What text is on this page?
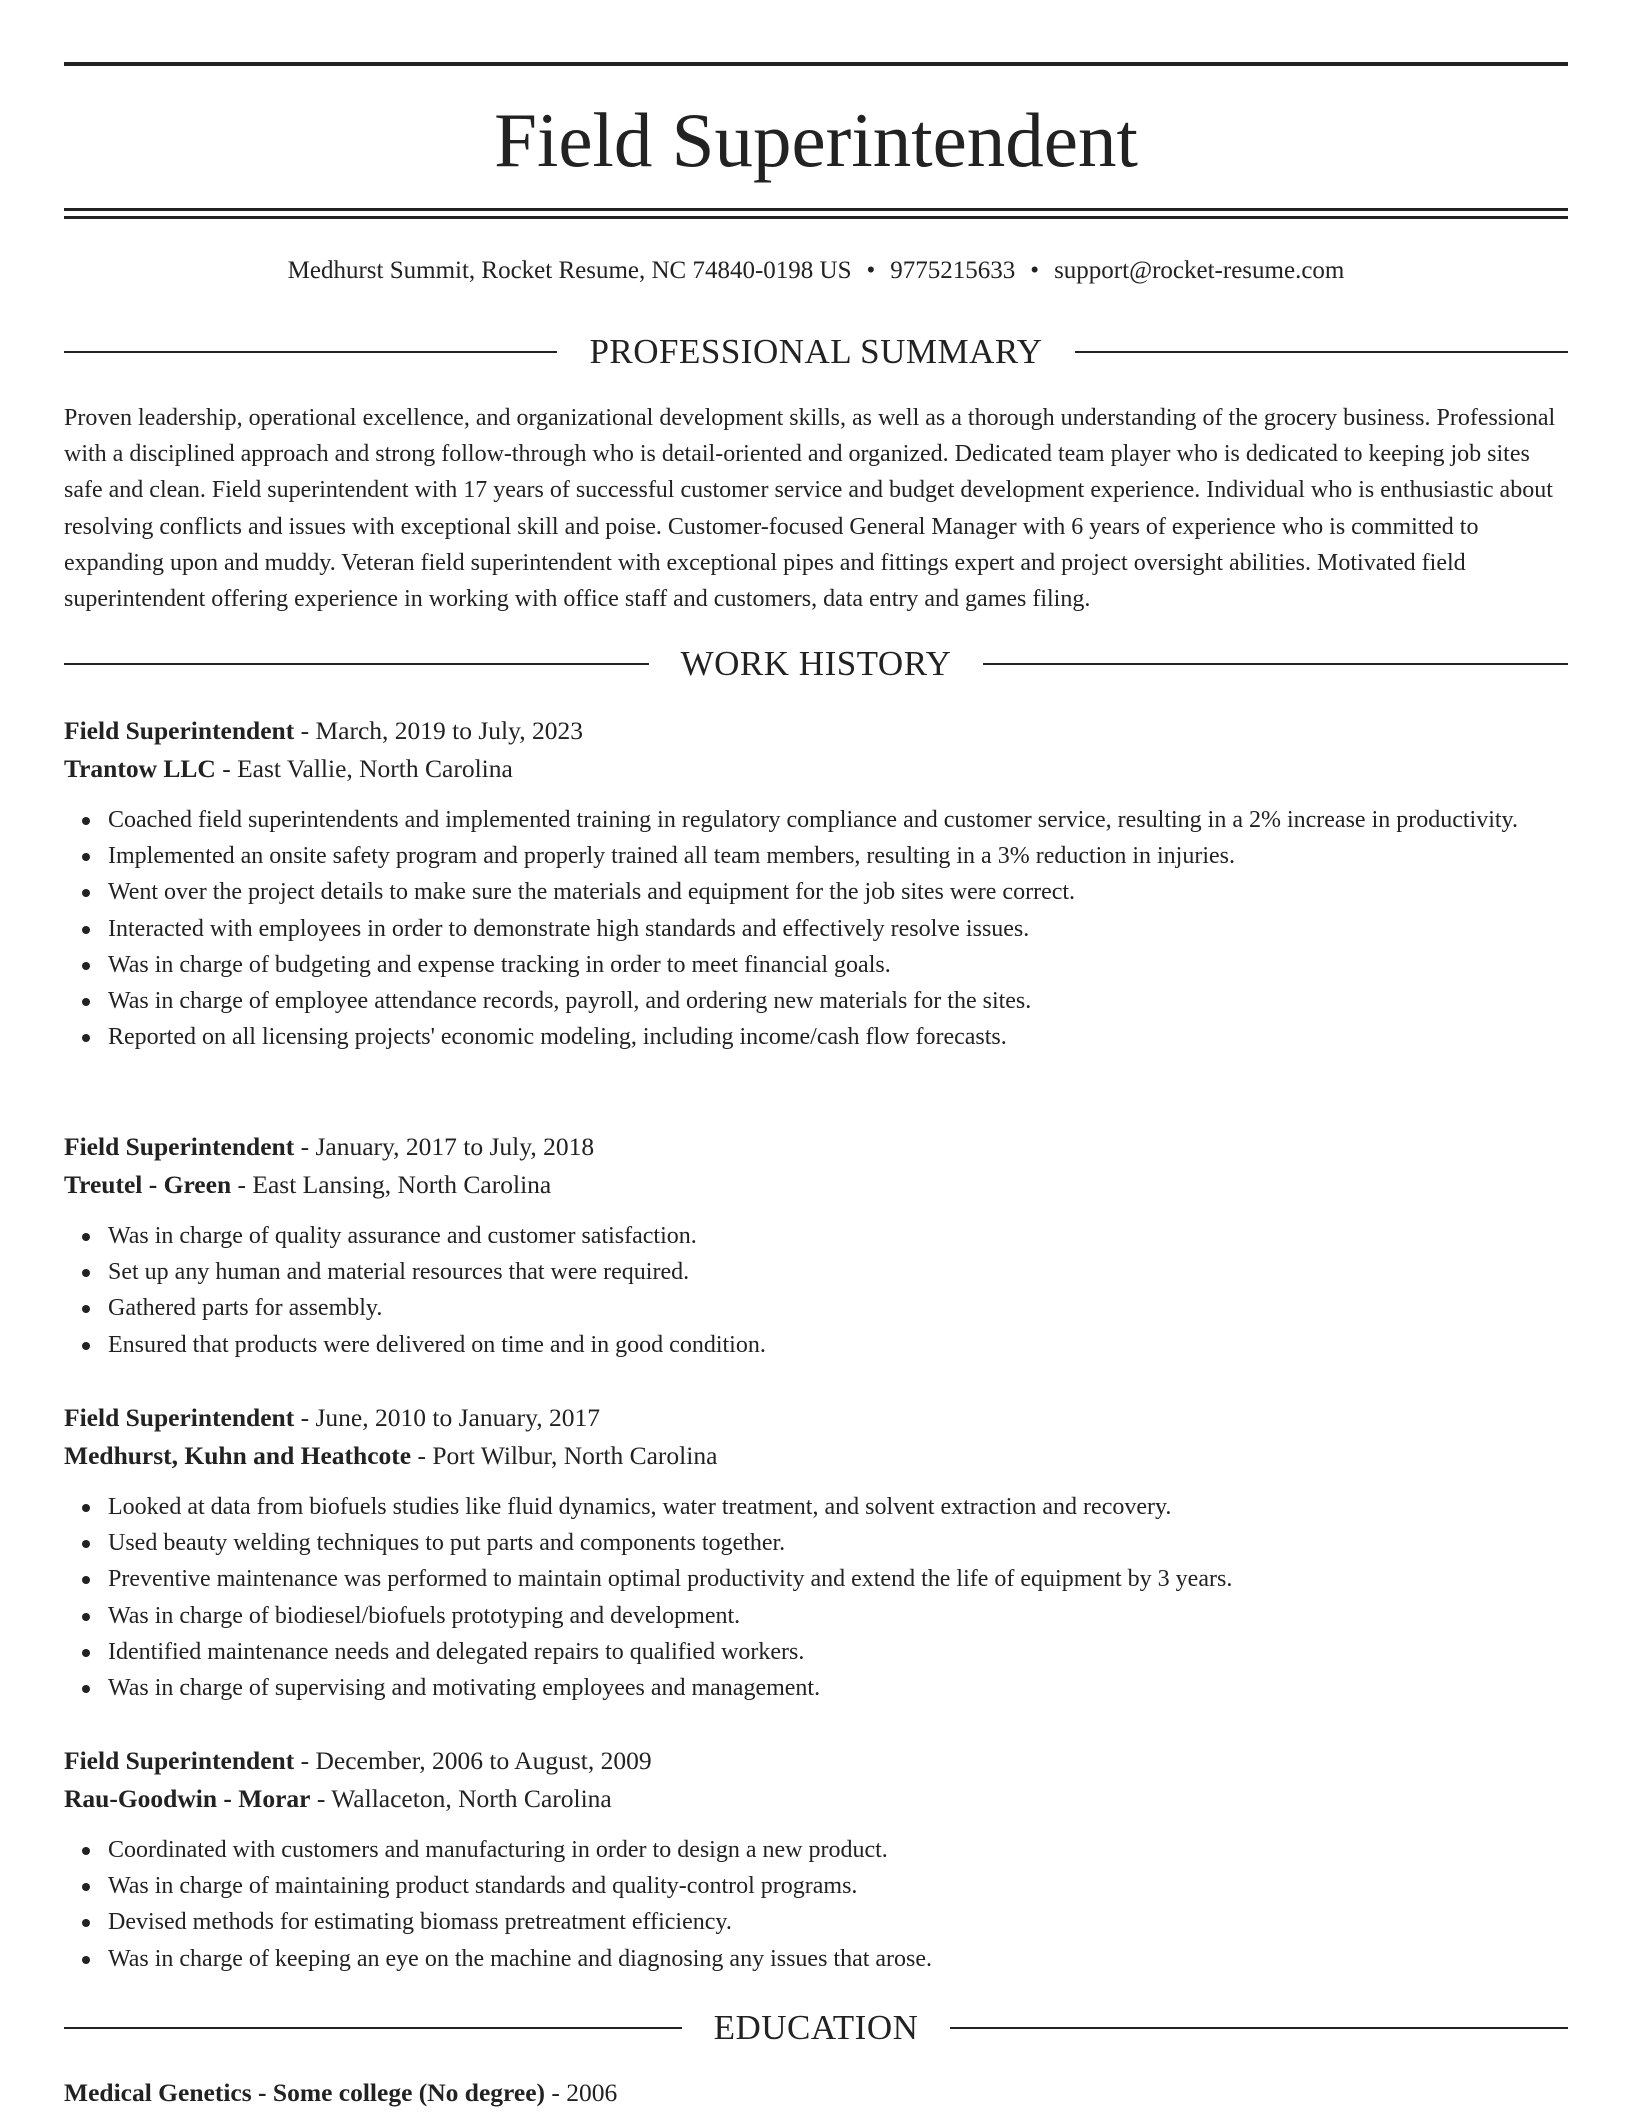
Field Superintendent
Medhurst Summit, Rocket Resume, NC 74840-0198 US • 9775215633 • support@rocket-resume.com
PROFESSIONAL SUMMARY

Proven leadership, operational excellence, and organizational development skills, as well as a thorough understanding of the grocery business. Professional with a disciplined approach and strong follow-through who is detail-oriented and organized. Dedicated team player who is dedicated to keeping job sites safe and clean. Field superintendent with 17 years of successful customer service and budget development experience. Individual who is enthusiastic about resolving conflicts and issues with exceptional skill and poise. Customer-focused General Manager with 6 years of experience who is committed to expanding upon and muddy. Veteran field superintendent with exceptional pipes and fittings expert and project oversight abilities. Motivated field superintendent offering experience in working with office staff and customers, data entry and games filing.

WORK HISTORY
Field Superintendent - March, 2019 to July, 2023
Trantow LLC - East Vallie, North Carolina
Coached field superintendents and implemented training in regulatory compliance and customer service, resulting in a 2% increase in productivity.
Implemented an onsite safety program and properly trained all team members, resulting in a 3% reduction in injuries.
Went over the project details to make sure the materials and equipment for the job sites were correct.
Interacted with employees in order to demonstrate high standards and effectively resolve issues.
Was in charge of budgeting and expense tracking in order to meet financial goals.
Was in charge of employee attendance records, payroll, and ordering new materials for the sites.
Reported on all licensing projects' economic modeling, including income/cash flow forecasts.
Field Superintendent - January, 2017 to July, 2018
Treutel - Green - East Lansing, North Carolina
Was in charge of quality assurance and customer satisfaction.
Set up any human and material resources that were required.
Gathered parts for assembly.
Ensured that products were delivered on time and in good condition.
Field Superintendent - June, 2010 to January, 2017
Medhurst, Kuhn and Heathcote - Port Wilbur, North Carolina
Looked at data from biofuels studies like fluid dynamics, water treatment, and solvent extraction and recovery.
Used beauty welding techniques to put parts and components together.
Preventive maintenance was performed to maintain optimal productivity and extend the life of equipment by 3 years.
Was in charge of biodiesel/biofuels prototyping and development.
Identified maintenance needs and delegated repairs to qualified workers.
Was in charge of supervising and motivating employees and management.
Field Superintendent - December, 2006 to August, 2009
Rau-Goodwin - Morar - Wallaceton, North Carolina
Coordinated with customers and manufacturing in order to design a new product.
Was in charge of maintaining product standards and quality-control programs.
Devised methods for estimating biomass pretreatment efficiency.
Was in charge of keeping an eye on the machine and diagnosing any issues that arose.
EDUCATION
Medical Genetics - Some college (No degree) - 2006
